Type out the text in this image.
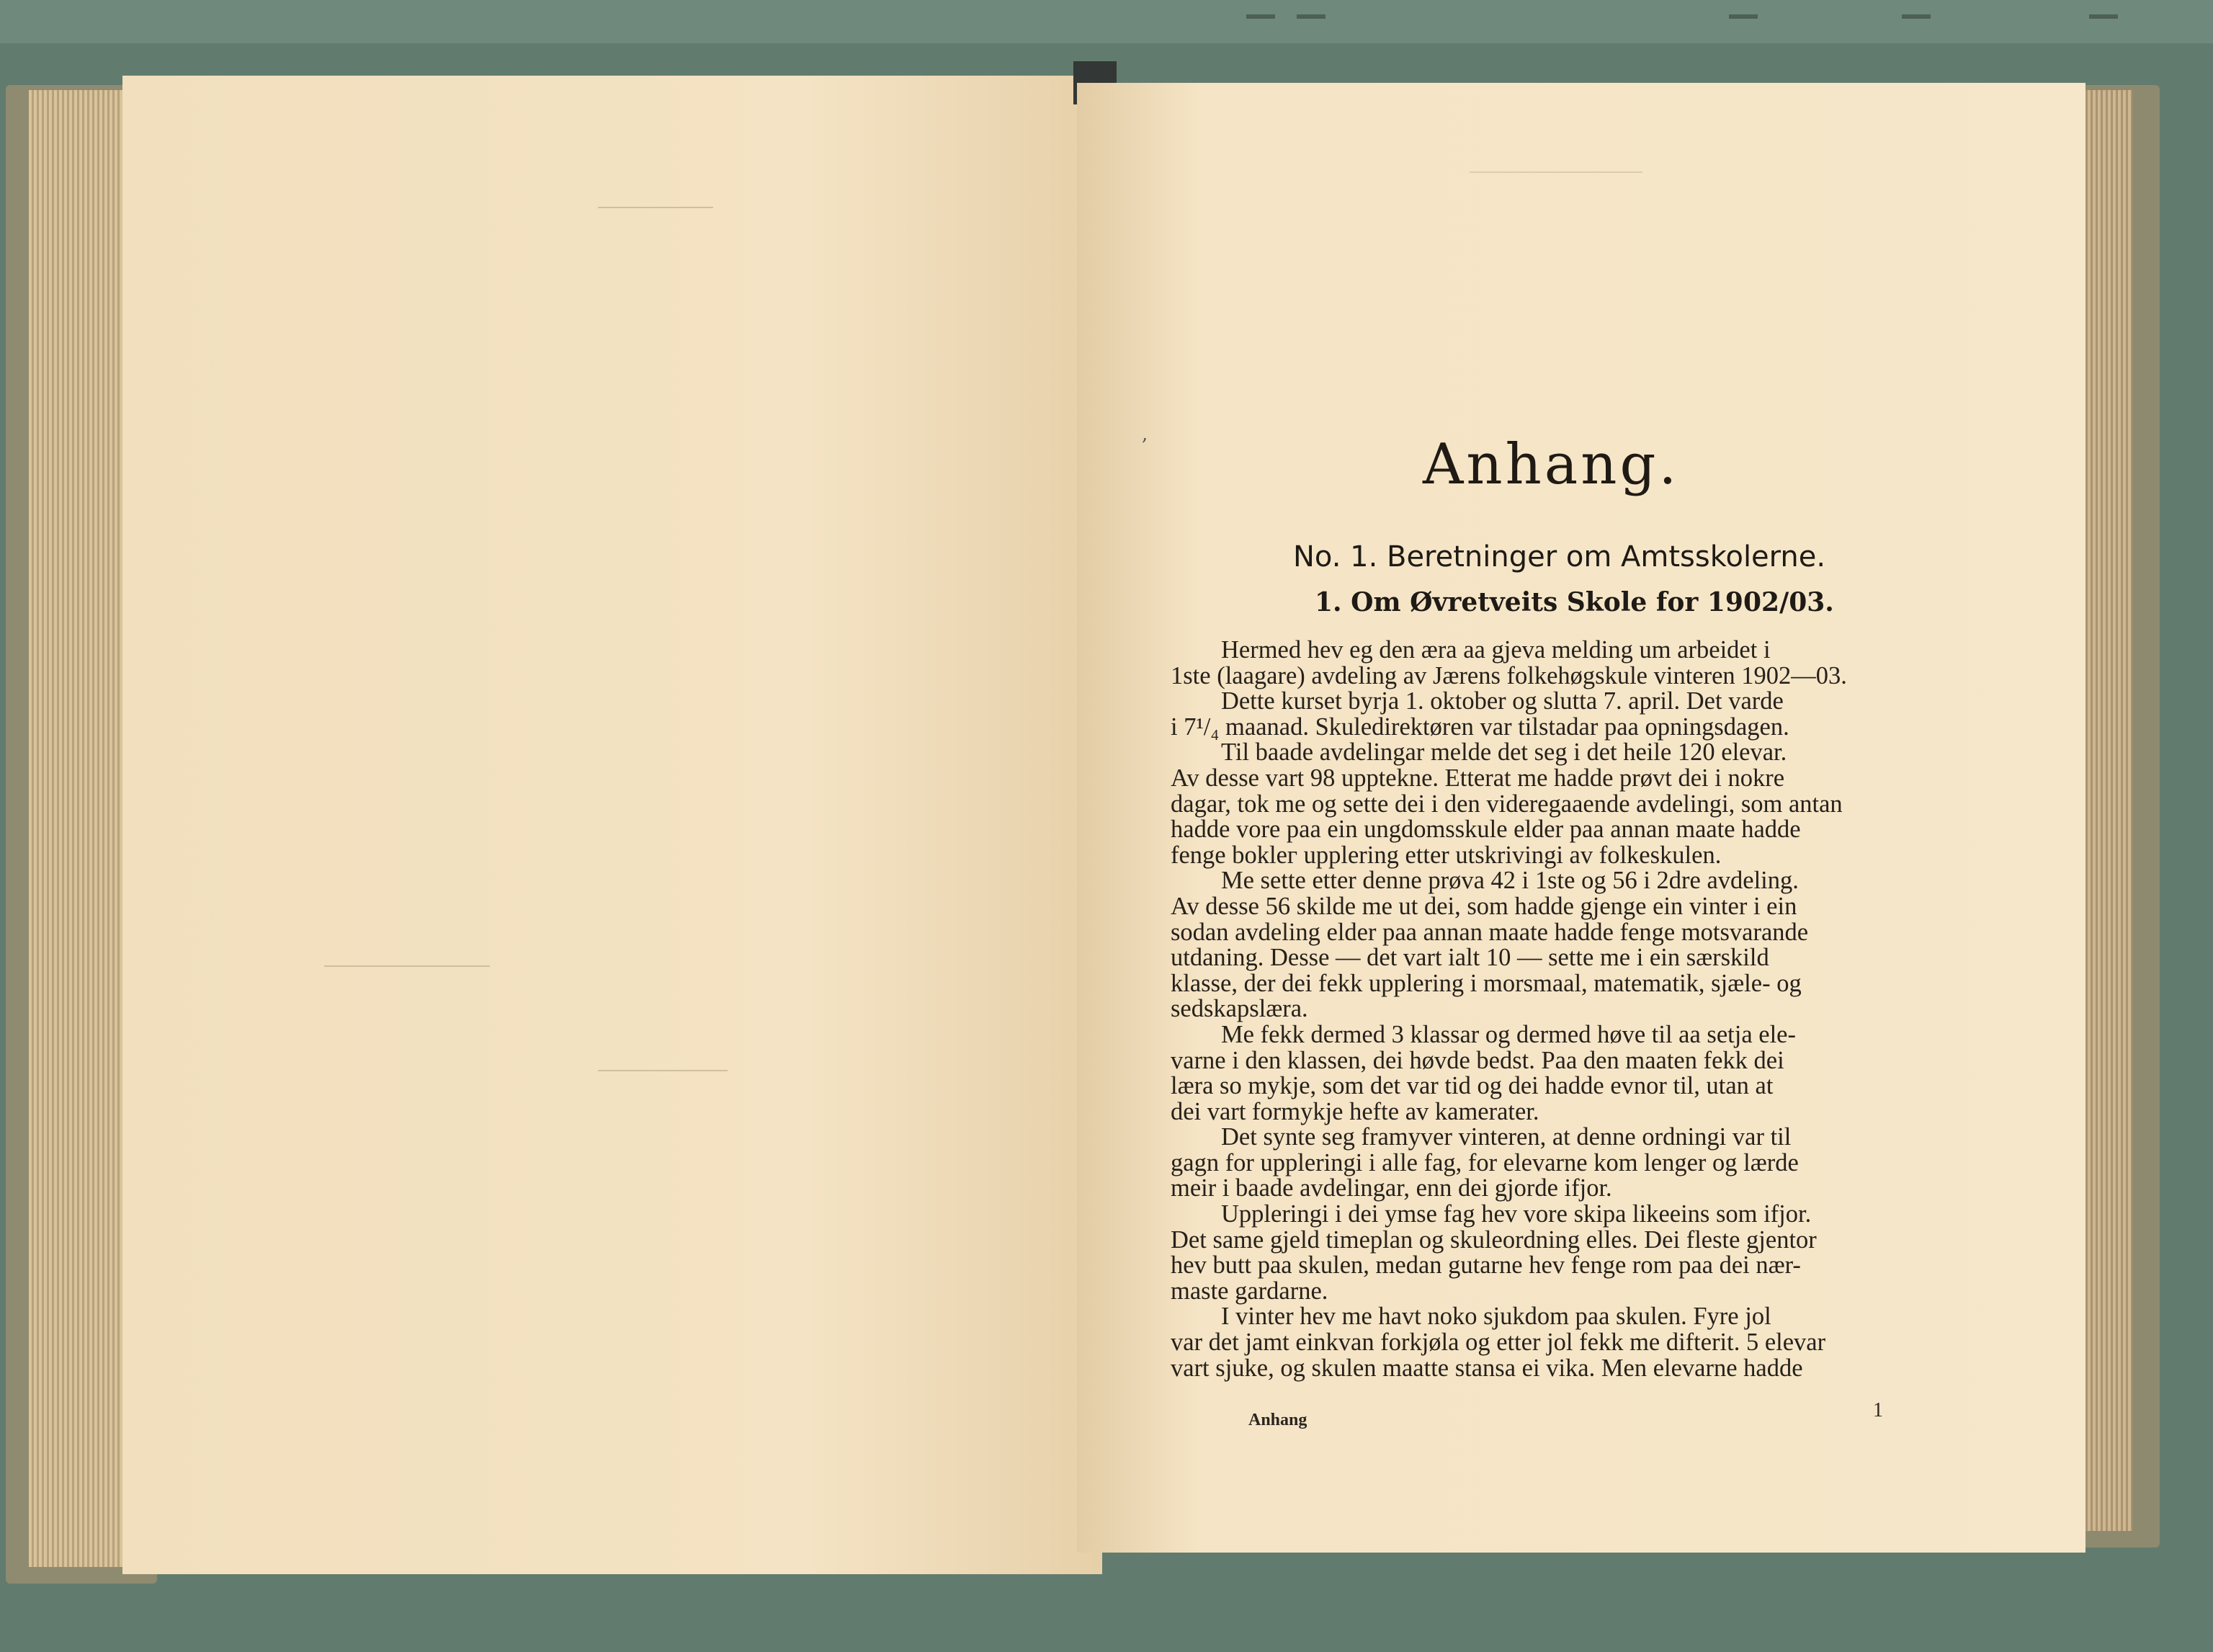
,	Anhang.
No. 1. Beretninger om Amtsskolerne.
1. Om Øvretveits Skole for 1902/03.
Hermed hev eg den æra aa gjeva melding um arbeidet i
1ste (laagare) avdeling av Jærens folkehøgskule vinteren 1902—03.
Dette kurset byrja 1. oktober og slutta 7. april. Det varde
i 7¹/₄ maanad. Skuledirektøren var tilstadar paa opningsdagen.
Til baade avdelingar melde det seg i det heile 120 elevar.
Av desse vart 98 upptekne. Etterat me hadde prøvt dei i nokre
dagar, tok me og sette dei i den videregaaende avdelingi, som antan
hadde vore paa ein ungdomsskule elder paa annan maate hadde
fenge boklег upplering etter utskrivingi av folkeskulen.
Me sette etter denne prøva 42 i 1ste og 56 i 2dre avdeling.
Av desse 56 skilde me ut dei, som hadde gjenge ein vinter i ein
sodan avdeling elder paa annan maate hadde fenge motsvarande
utdaning. Desse — det vart ialt 10 — sette me i ein særskild
klasse, der dei fekk upplering i morsmaal, matematik, sjæle- og
sedskapslæra.
Me fekk dermed 3 klassar og dermed høve til aa setja ele-
varne i den klassen, dei høvde bedst. Paa den maaten fekk dei
læra so mykje, som det var tid og dei hadde evnor til, utan at
dei vart formykje hefte av kamerater.
Det synte seg framyver vinteren, at denne ordningi var til
gagn for uppleringi i alle fag, for elevarne kom lenger og lærde
meir i baade avdelingar, enn dei gjorde ifjor.
Uppleringi i dei ymse fag hev vore skipa likeeins som ifjor.
Det same gjeld timeplan og skuleordning elles. Dei fleste gjentor
hev butt paa skulen, medan gutarne hev fenge rom paa dei nær-
maste gardarne.
I vinter hev me havt noko sjukdom paa skulen. Fyre jol
var det jamt einkvan forkjøla og etter jol fekk me difterit. 5 elevar
vart sjuke, og skulen maatte stansa ei vika. Men elevarne hadde
Anhang	1
